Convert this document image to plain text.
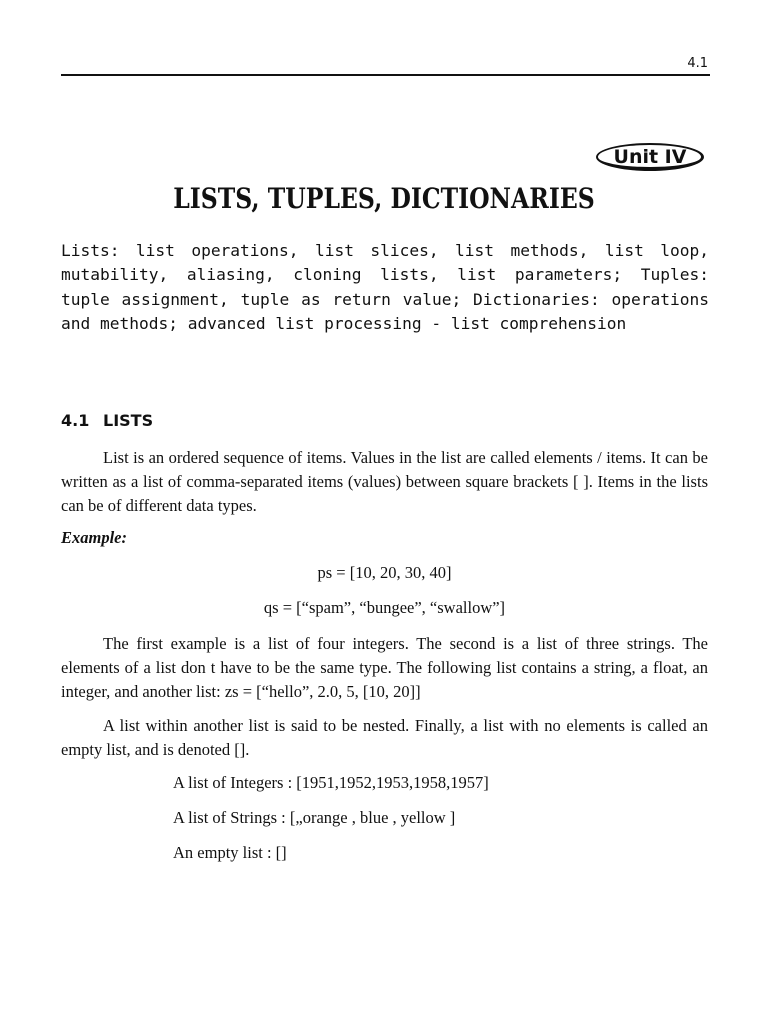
4.1
Unit IV
LISTS, TUPLES, DICTIONARIES

Lists: list operations, list slices, list methods, list loop, mutability, aliasing, cloning lists, list parameters; Tuples: tuple assignment, tuple as return value; Dictionaries: operations and methods; advanced list processing - list comprehension

4.1 LISTS

List is an ordered sequence of items. Values in the list are called elements / items. It can be written as a list of comma-separated items (values) between square brackets [ ]. Items in the lists can be of different data types.

Example:
ps = [10, 20, 30, 40]
qs = [“spam”, “bungee”, “swallow”]

The first example is a list of four integers. The second is a list of three strings. The elements of a list don t have to be the same type. The following list contains a string, a float, an integer, and another list: zs = [“hello”, 2.0, 5, [10, 20]]

A list within another list is said to be nested. Finally, a list with no elements is called an empty list, and is denoted [].

A list of Integers : [1951,1952,1953,1958,1957]
A list of Strings : [„orange , blue , yellow ]
An empty list : []
